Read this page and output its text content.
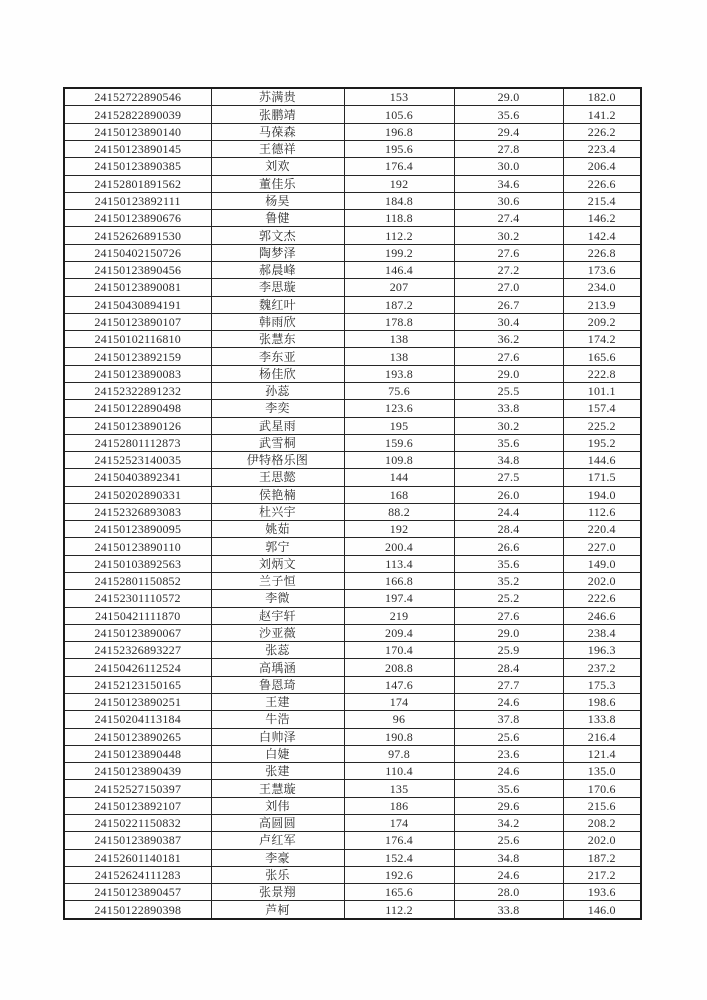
24152722890546	苏满贵	153	29.0	182.0
24152822890039	张鹏靖	105.6	35.6	141.2
24150123890140	马葆森	196.8	29.4	226.2
24150123890145	王德祥	195.6	27.8	223.4
24150123890385	刘欢	176.4	30.0	206.4
24152801891562	董佳乐	192	34.6	226.6
24150123892111	杨昊	184.8	30.6	215.4
24150123890676	鲁健	118.8	27.4	146.2
24152626891530	郭文杰	112.2	30.2	142.4
24150402150726	陶梦泽	199.2	27.6	226.8
24150123890456	郝晨峰	146.4	27.2	173.6
24150123890081	李思璇	207	27.0	234.0
24150430894191	魏红叶	187.2	26.7	213.9
24150123890107	韩雨欣	178.8	30.4	209.2
24150102116810	张慧东	138	36.2	174.2
24150123892159	李东亚	138	27.6	165.6
24150123890083	杨佳欣	193.8	29.0	222.8
24152322891232	孙蕊	75.6	25.5	101.1
24150122890498	李奕	123.6	33.8	157.4
24150123890126	武星雨	195	30.2	225.2
24152801112873	武雪桐	159.6	35.6	195.2
24152523140035	伊特格乐图	109.8	34.8	144.6
24150403892341	王思懿	144	27.5	171.5
24150202890331	侯艳楠	168	26.0	194.0
24152326893083	杜兴宇	88.2	24.4	112.6
24150123890095	姚茹	192	28.4	220.4
24150123890110	郭宁	200.4	26.6	227.0
24150103892563	刘炳文	113.4	35.6	149.0
24152801150852	兰子恒	166.8	35.2	202.0
24152301110572	李微	197.4	25.2	222.6
24150421111870	赵宇轩	219	27.6	246.6
24150123890067	沙亚薇	209.4	29.0	238.4
24152326893227	张蕊	170.4	25.9	196.3
24150426112524	高瑀涵	208.8	28.4	237.2
24152123150165	鲁恩琦	147.6	27.7	175.3
24150123890251	王建	174	24.6	198.6
24150204113184	牛浩	96	37.8	133.8
24150123890265	白帅泽	190.8	25.6	216.4
24150123890448	白婕	97.8	23.6	121.4
24150123890439	张建	110.4	24.6	135.0
24152527150397	王慧璇	135	35.6	170.6
24150123892107	刘伟	186	29.6	215.6
24150221150832	高圆圆	174	34.2	208.2
24150123890387	卢红军	176.4	25.6	202.0
24152601140181	李豪	152.4	34.8	187.2
24152624111283	张乐	192.6	24.6	217.2
24150123890457	张景翔	165.6	28.0	193.6
24150122890398	芦柯	112.2	33.8	146.0
